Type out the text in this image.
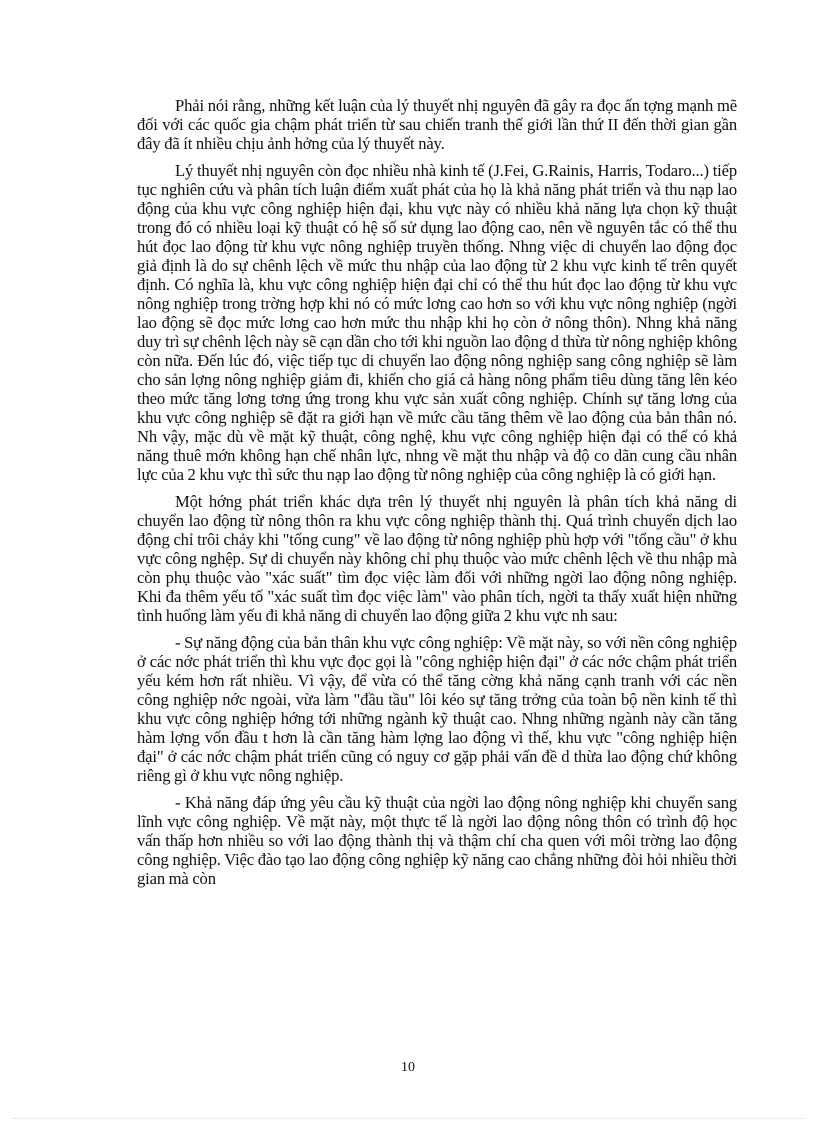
Phải nói rằng, những kết luận của lý thuyết nhị nguyên đã gây ra đọc ấn tợng mạnh mẽ đối với các quốc gia chậm phát triển từ sau chiến tranh thế giới lần thứ II đến thời gian gần đây đã ít nhiều chịu ảnh hởng của lý thuyết này.

Lý thuyết nhị nguyên còn đọc nhiều nhà kinh tế (J.Fei, G.Rainis, Harris, Todaro...) tiếp tục nghiên cứu và phân tích luận điểm xuất phát của họ là khả năng phát triển và thu nạp lao động của khu vực công nghiệp hiện đại, khu vực này có nhiều khả năng lựa chọn kỹ thuật trong đó có nhiều loại kỹ thuật có hệ số sử dụng lao động cao, nên về nguyên tắc có thể thu hút đọc lao động từ khu vực nông nghiệp truyền thống. Nhng việc di chuyển lao động đọc giả định là do sự chênh lệch về mức thu nhập của lao động từ 2 khu vực kinh tế trên quyết định. Có nghĩa là, khu vực công nghiệp hiện đại chỉ có thể thu hút đọc lao động từ khu vực nông nghiệp trong trờng hợp khi nó có mức lơng cao hơn so với khu vực nông nghiệp (ngời lao động sẽ đọc mức lơng cao hơn mức thu nhập khi họ còn ở nông thôn). Nhng khả năng duy trì sự chênh lệch này sẽ cạn dần cho tới khi nguồn lao động d thừa từ nông nghiệp không còn nữa. Đến lúc đó, việc tiếp tục di chuyển lao động nông nghiệp sang công nghiệp sẽ làm cho sản lợng nông nghiệp giảm đi, khiến cho giá cả hàng nông phẩm tiêu dùng tăng lên kéo theo mức tăng lơng tơng ứng trong khu vực sản xuất công nghiệp. Chính sự tăng lơng của khu vực công nghiệp sẽ đặt ra giới hạn về mức cầu tăng thêm về lao động của bản thân nó. Nh vậy, mặc dù về mặt kỹ thuật, công nghệ, khu vực công nghiệp hiện đại có thể có khả năng thuê mớn không hạn chế nhân lực, nhng về mặt thu nhập và độ co dãn cung cầu nhân lực của 2 khu vực thì sức thu nạp lao động từ nông nghiệp của công nghiệp là có giới hạn.

Một hớng phát triển khác dựa trên lý thuyết nhị nguyên là phân tích khả năng di chuyển lao động từ nông thôn ra khu vực công nghiệp thành thị. Quá trình chuyển dịch lao động chỉ trôi chảy khi "tổng cung" về lao động từ nông nghiệp phù hợp với "tổng cầu" ở khu vực công nghệp. Sự di chuyển này không chỉ phụ thuộc vào mức chênh lệch về thu nhập mà còn phụ thuộc vào "xác suất" tìm đọc việc làm đối với những ngời lao động nông nghiệp. Khi đa thêm yếu tố "xác suất tìm đọc việc làm" vào phân tích, ngời ta thấy xuất hiện những tình huống làm yếu đi khả năng di chuyển lao động giữa 2 khu vực nh sau:

- Sự năng động của bản thân khu vực công nghiệp: Về mặt này, so với nền công nghiệp ở các nớc phát triển thì khu vực đọc gọi là "công nghiệp hiện đại" ở các nớc chậm phát triển yếu kém hơn rất nhiều. Vì vậy, để vừa có thể tăng cờng khả năng cạnh tranh với các nền công nghiệp nớc ngoài, vừa làm "đầu tầu" lôi kéo sự tăng trởng của toàn bộ nền kinh tế thì khu vực công nghiệp hớng tới những ngành kỹ thuật cao. Nhng những ngành này cần tăng hàm lợng vốn đầu t hơn là cần tăng hàm lợng lao động vì thế, khu vực "công nghiệp hiện đại" ở các nớc chậm phát triển cũng có nguy cơ gặp phải vấn đề d thừa lao động chứ không riêng gì ở khu vực nông nghiệp.

- Khả năng đáp ứng yêu cầu kỹ thuật của ngời lao động nông nghiệp khi chuyển sang lĩnh vực công nghiệp. Về mặt này, một thực tế là ngời lao động nông thôn có trình độ học vấn thấp hơn nhiều so với lao động thành thị và thậm chí cha quen với môi trờng lao động công nghiệp. Việc đào tạo lao động công nghiệp kỹ năng cao chẳng những đòi hỏi nhiều thời gian mà còn

10
